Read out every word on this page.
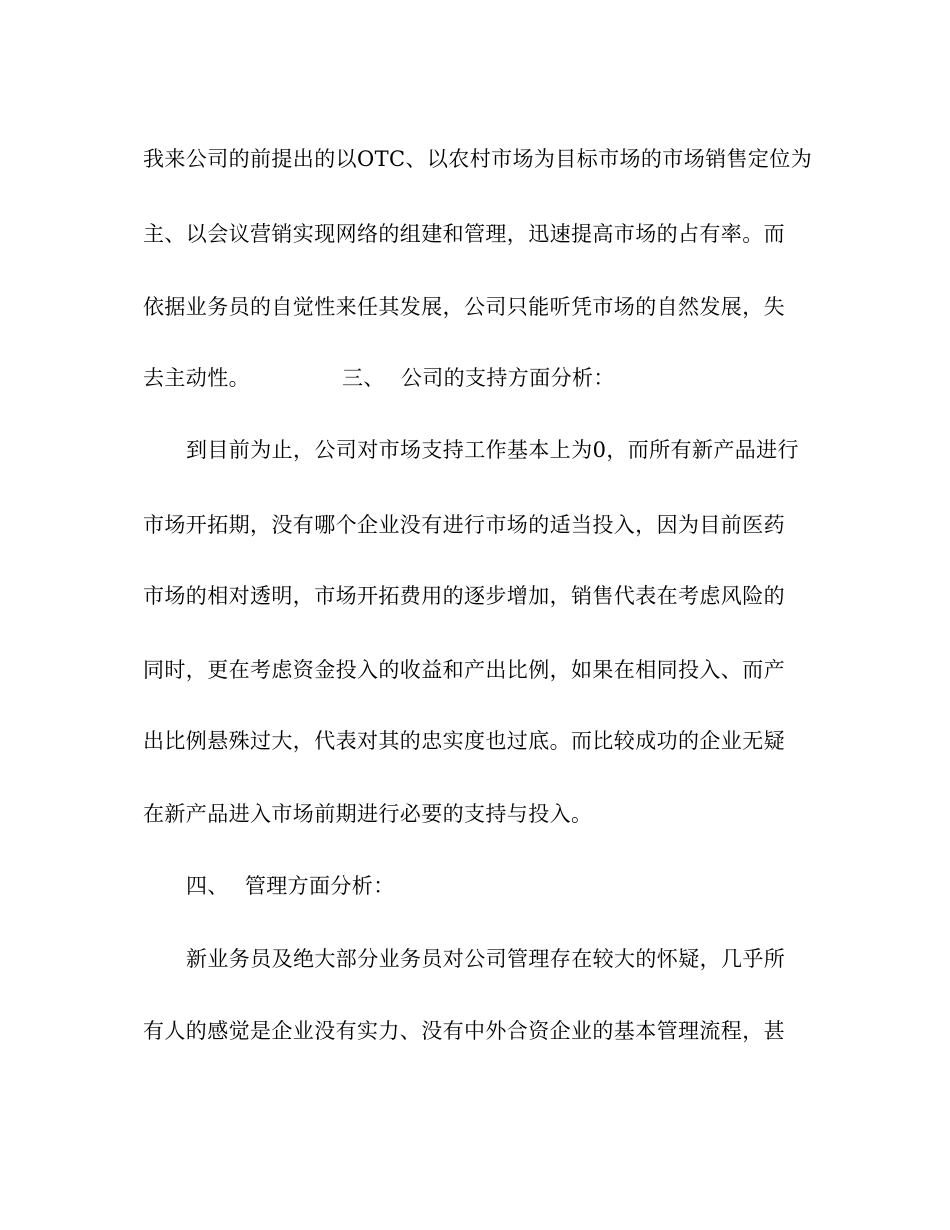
我来公司的前提出的以OTC、以农村市场为目标市场的市场销售定位为
主、以会议营销实现网络的组建和管理，迅速提高市场的占有率。而
依据业务员的自觉性来任其发展，公司只能听凭市场的自然发展，失
去主动性。	三、 公司的支持方面分析：
到目前为止，公司对市场支持工作基本上为0，而所有新产品进行
市场开拓期，没有哪个企业没有进行市场的适当投入，因为目前医药
市场的相对透明，市场开拓费用的逐步增加，销售代表在考虑风险的
同时，更在考虑资金投入的收益和产出比例，如果在相同投入、而产
出比例悬殊过大，代表对其的忠实度也过底。而比较成功的企业无疑
在新产品进入市场前期进行必要的支持与投入。
四、 管理方面分析：
新业务员及绝大部分业务员对公司管理存在较大的怀疑，几乎所
有人的感觉是企业没有实力、没有中外合资企业的基本管理流程，甚
